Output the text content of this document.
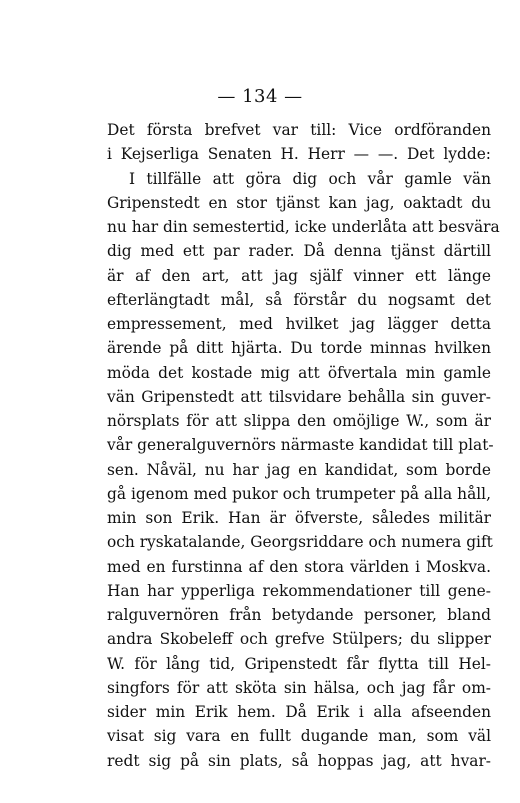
— 134 —
Det första brefvet var till: Vice ordföranden
i Kejserliga Senaten H. Herr — —. Det lydde:
I tillfälle att göra dig och vår gamle vän
Gripenstedt en stor tjänst kan jag, oaktadt du
nu har din semestertid, icke underlåta att besvära
dig med ett par rader. Då denna tjänst därtill
är af den art, att jag själf vinner ett länge
efterlängtadt mål, så förstår du nogsamt det
empressement, med hvilket jag lägger detta
ärende på ditt hjärta. Du torde minnas hvilken
möda det kostade mig att öfvertala min gamle
vän Gripenstedt att tilsvidare behålla sin guver-
nörsplats för att slippa den omöjlige W., som är
vår generalguvernörs närmaste kandidat till plat-
sen. Nåväl, nu har jag en kandidat, som borde
gå igenom med pukor och trumpeter på alla håll,
min son Erik. Han är öfverste, således militär
och ryskatalande, Georgsriddare och numera gift
med en furstinna af den stora världen i Moskva.
Han har ypperliga rekommendationer till gene-
ralguvernören från betydande personer, bland
andra Skobeleff och grefve Stülpers; du slipper
W. för lång tid, Gripenstedt får flytta till Hel-
singfors för att sköta sin hälsa, och jag får om-
sider min Erik hem. Då Erik i alla afseenden
visat sig vara en fullt dugande man, som väl
redt sig på sin plats, så hoppas jag, att hvar-
